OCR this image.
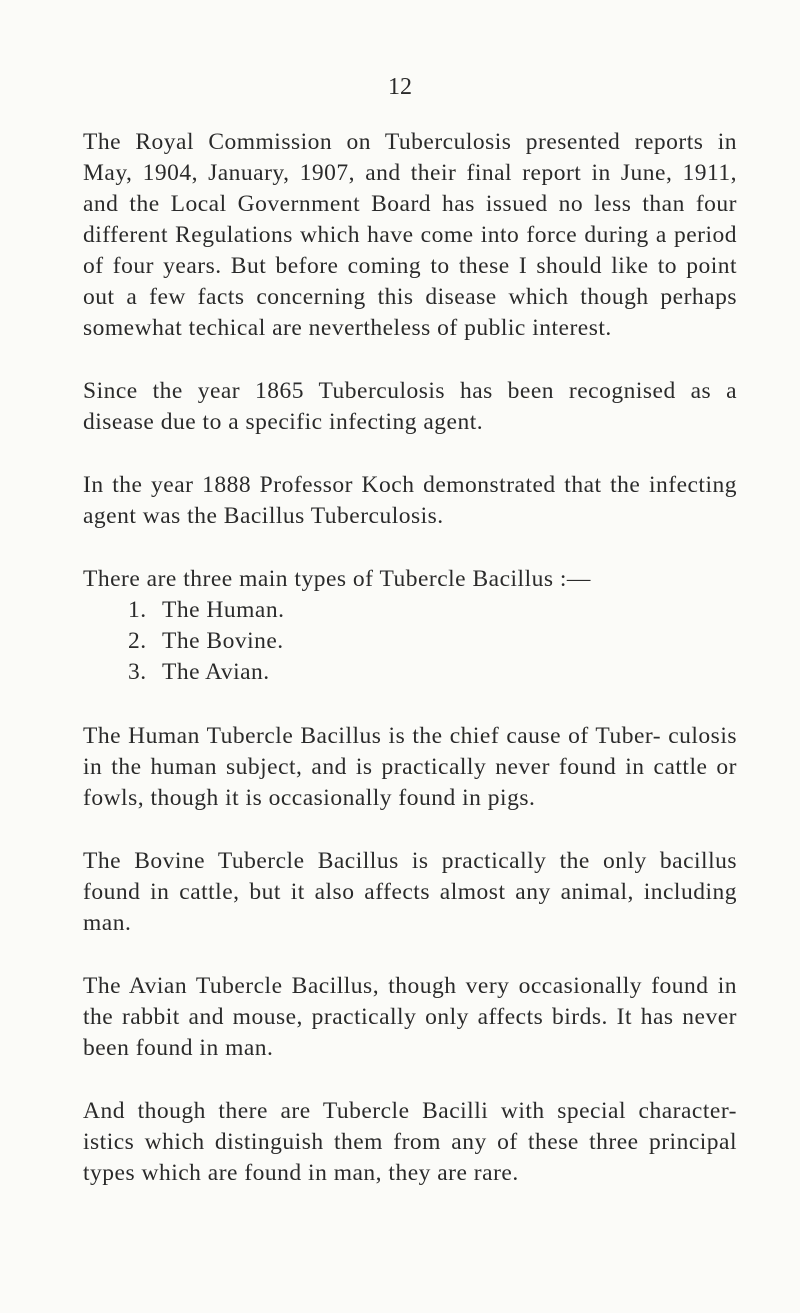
12

The Royal Commission on Tuberculosis presented reports in May, 1904, January, 1907, and their final report in June, 1911, and the Local Government Board has issued no less than four different Regulations which have come into force during a period of four years. But before coming to these I should like to point out a few facts concerning this disease which though perhaps somewhat techical are nevertheless of public interest.

Since the year 1865 Tuberculosis has been recognised as a disease due to a specific infecting agent.

In the year 1888 Professor Koch demonstrated that the infecting agent was the Bacillus Tuberculosis.

There are three main types of Tubercle Bacillus :—

1. The Human.
2. The Bovine.
3. The Avian.

The Human Tubercle Bacillus is the chief cause of Tuber- culosis in the human subject, and is practically never found in cattle or fowls, though it is occasionally found in pigs.

The Bovine Tubercle Bacillus is practically the only bacillus found in cattle, but it also affects almost any animal, including man.

The Avian Tubercle Bacillus, though very occasionally found in the rabbit and mouse, practically only affects birds. It has never been found in man.

And though there are Tubercle Bacilli with special character- istics which distinguish them from any of these three principal types which are found in man, they are rare.
